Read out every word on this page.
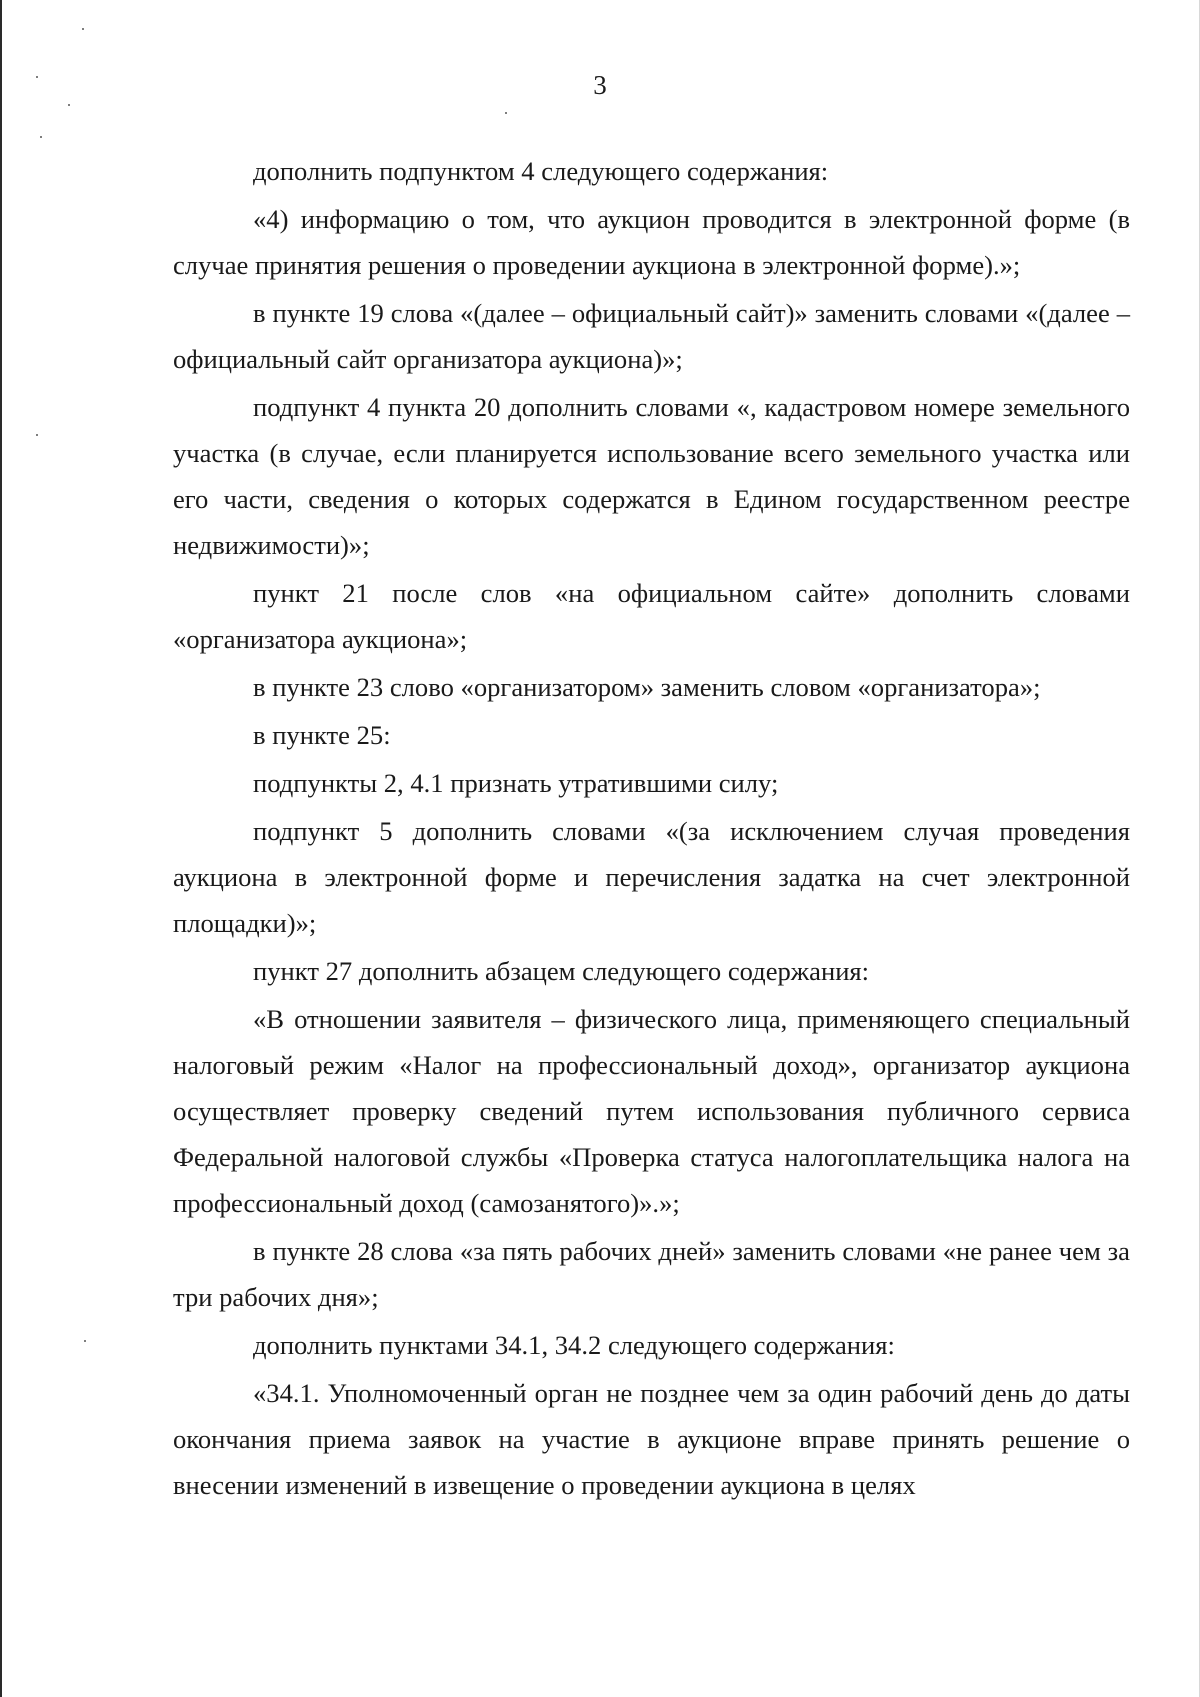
3

дополнить подпунктом 4 следующего содержания:

«4) информацию о том, что аукцион проводится в электронной форме (в случае принятия решения о проведении аукциона в электронной форме).»;

в пункте 19 слова «(далее – официальный сайт)» заменить словами «(далее – официальный сайт организатора аукциона)»;

подпункт 4 пункта 20 дополнить словами «, кадастровом номере земельного участка (в случае, если планируется использование всего земельного участка или его части, сведения о которых содержатся в Едином государственном реестре недвижимости)»;

пункт 21 после слов «на официальном сайте» дополнить словами «организатора аукциона»;

в пункте 23 слово «организатором» заменить словом «организатора»;

в пункте 25:

подпункты 2, 4.1 признать утратившими силу;

подпункт 5 дополнить словами «(за исключением случая проведения аукциона в электронной форме и перечисления задатка на счет электронной площадки)»;

пункт 27 дополнить абзацем следующего содержания:

«В отношении заявителя – физического лица, применяющего специальный налоговый режим «Налог на профессиональный доход», организатор аукциона осуществляет проверку сведений путем использования публичного сервиса Федеральной налоговой службы «Проверка статуса налогоплательщика налога на профессиональный доход (самозанятого)».»;

в пункте 28 слова «за пять рабочих дней» заменить словами «не ранее чем за три рабочих дня»;

дополнить пунктами 34.1, 34.2 следующего содержания:

«34.1. Уполномоченный орган не позднее чем за один рабочий день до даты окончания приема заявок на участие в аукционе вправе принять решение о внесении изменений в извещение о проведении аукциона в целях
